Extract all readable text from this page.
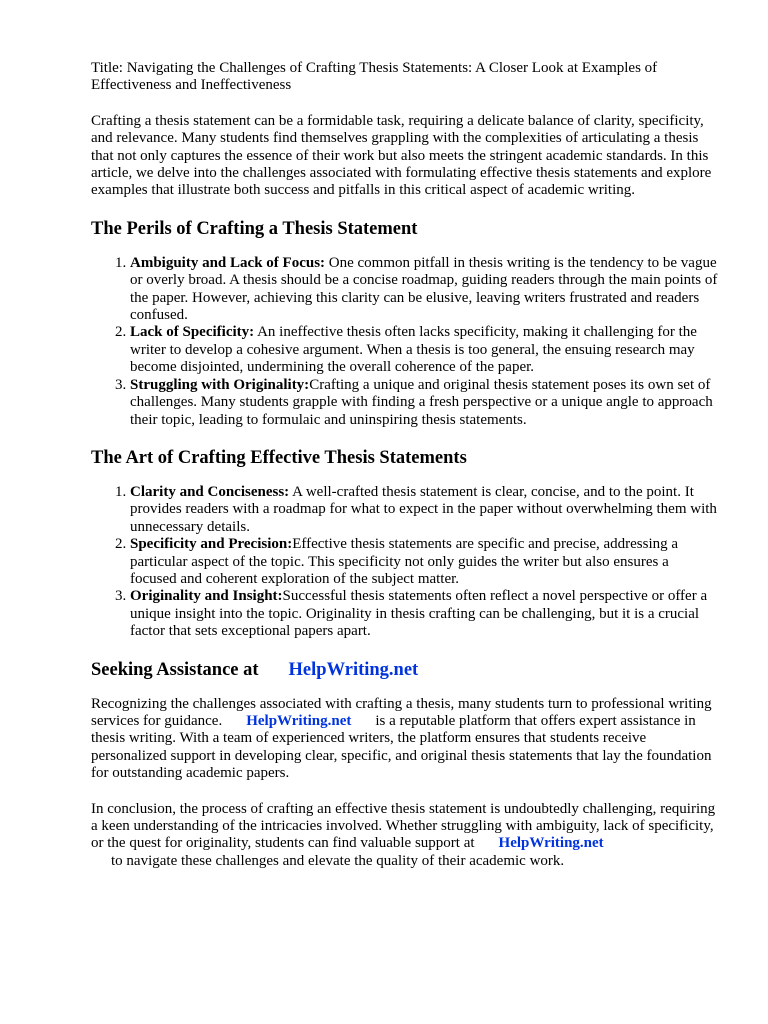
Title: Navigating the Challenges of Crafting Thesis Statements: A Closer Look at Examples of Effectiveness and Ineffectiveness

Crafting a thesis statement can be a formidable task, requiring a delicate balance of clarity, specificity, and relevance. Many students find themselves grappling with the complexities of articulating a thesis that not only captures the essence of their work but also meets the stringent academic standards. In this article, we delve into the challenges associated with formulating effective thesis statements and explore examples that illustrate both success and pitfalls in this critical aspect of academic writing.

The Perils of Crafting a Thesis Statement
1. Ambiguity and Lack of Focus: One common pitfall in thesis writing is the tendency to be vague or overly broad. A thesis should be a concise roadmap, guiding readers through the main points of the paper. However, achieving this clarity can be elusive, leaving writers frustrated and readers confused.
2. Lack of Specificity: An ineffective thesis often lacks specificity, making it challenging for the writer to develop a cohesive argument. When a thesis is too general, the ensuing research may become disjointed, undermining the overall coherence of the paper.
3. Struggling with Originality:Crafting a unique and original thesis statement poses its own set of challenges. Many students grapple with finding a fresh perspective or a unique angle to approach their topic, leading to formulaic and uninspiring thesis statements.
The Art of Crafting Effective Thesis Statements
1. Clarity and Conciseness: A well-crafted thesis statement is clear, concise, and to the point. It provides readers with a roadmap for what to expect in the paper without overwhelming them with unnecessary details.
2. Specificity and Precision:Effective thesis statements are specific and precise, addressing a particular aspect of the topic. This specificity not only guides the writer but also ensures a focused and coherent exploration of the subject matter.
3. Originality and Insight:Successful thesis statements often reflect a novel perspective or offer a unique insight into the topic. Originality in thesis crafting can be challenging, but it is a crucial factor that sets exceptional papers apart.
Seeking Assistance at HelpWriting.net

Recognizing the challenges associated with crafting a thesis, many students turn to professional writing services for guidance. HelpWriting.net is a reputable platform that offers expert assistance in thesis writing. With a team of experienced writers, the platform ensures that students receive personalized support in developing clear, specific, and original thesis statements that lay the foundation for outstanding academic papers.

In conclusion, the process of crafting an effective thesis statement is undoubtedly challenging, requiring a keen understanding of the intricacies involved. Whether struggling with ambiguity, lack of specificity, or the quest for originality, students can find valuable support at HelpWriting.net
to navigate these challenges and elevate the quality of their academic work.
